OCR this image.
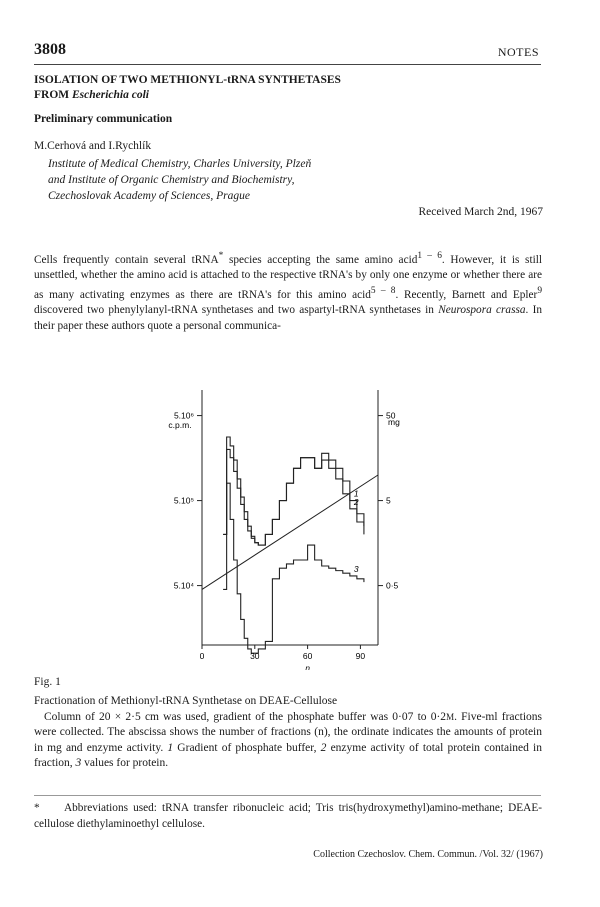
3808	NOTES
ISOLATION OF TWO METHIONYL-tRNA SYNTHETASES
FROM Escherichia coli
Preliminary communication
M.Cerhová and I.Rychlík
Institute of Medical Chemistry, Charles University, Plzeň
and Institute of Organic Chemistry and Biochemistry,
Czechoslovak Academy of Sciences, Prague
Received March 2nd, 1967

Cells frequently contain several tRNA* species accepting the same amino acid$^{1 - 6}$. However, it is still unsettled, whether the amino acid is attached to the respective tRNA's by only one enzyme or whether there are as many activating enzymes as there are tRNA's for this amino acid$^{5 - 8}$. Recently, Barnett and Epler$^9$ discovered two phenylylanyl-tRNA synthetases and two aspartyl-tRNA synthetases in Neurospora crassa. In their paper these authors quote a personal communica-

5.10⁶	50
5.10⁵	5
5.10⁴	0·5
0	30	60	90
n
c.p.m.	mg
1
2
3
Fig. 1

Fractionation of Methionyl-tRNA Synthetase on DEAE-Cellulose

Column of 20 × 2·5 cm was used, gradient of the phosphate buffer was 0·07 to 0·2M. Five-ml fractions were collected. The abscissa shows the number of fractions (n), the ordinate indicates the amounts of protein in mg and enzyme activity. 1 Gradient of phosphate buffer, 2 enzyme activity of total protein contained in fraction, 3 values for protein.

* Abbreviations used: tRNA transfer ribonucleic acid; Tris tris(hydroxymethyl)amino-methane; DEAE-cellulose diethylaminoethyl cellulose.
Collection Czechoslov. Chem. Commun. /Vol. 32/ (1967)
